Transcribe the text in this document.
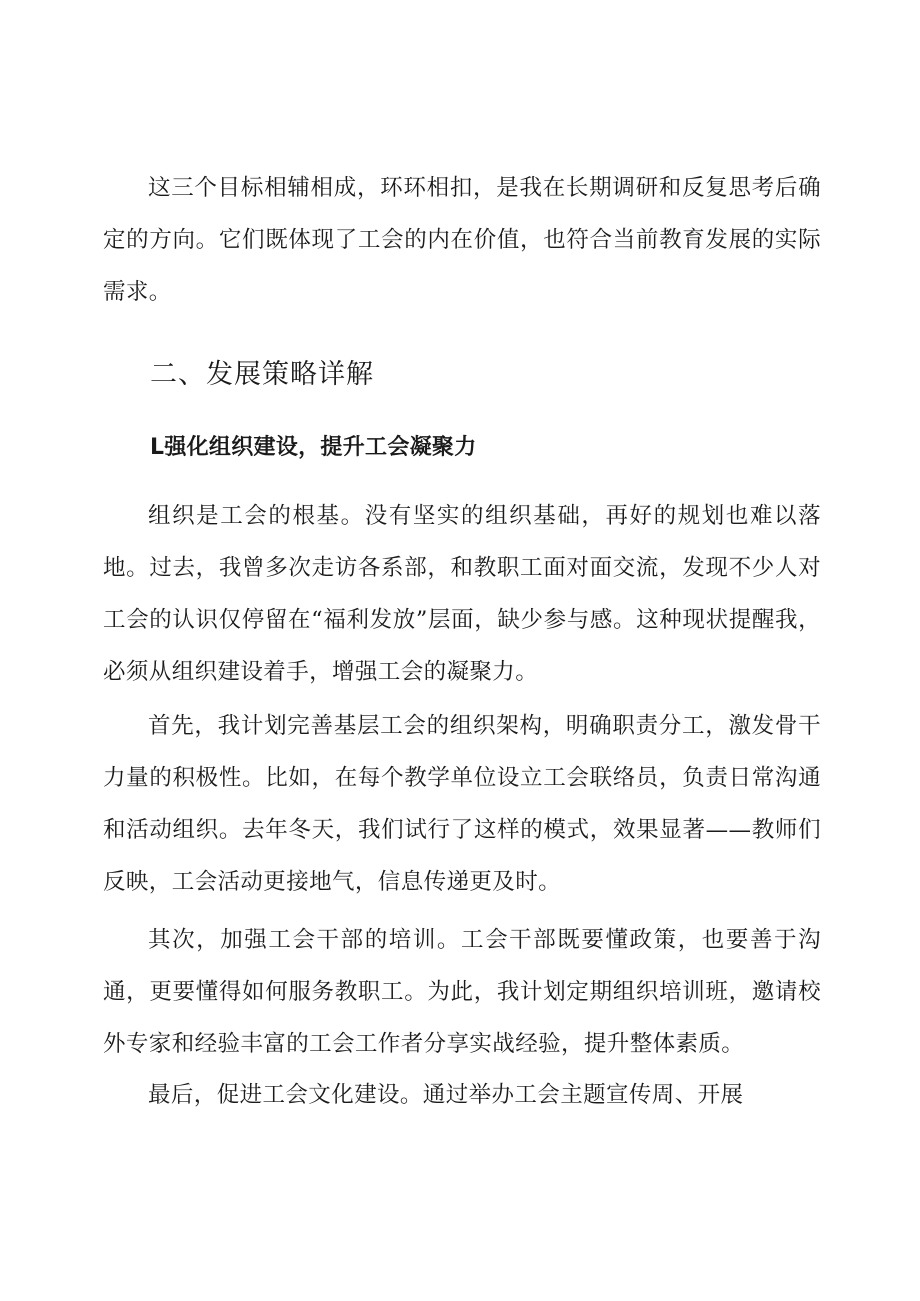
这三个目标相辅相成，环环相扣，是我在长期调研和反复思考后确定的方向。它们既体现了工会的内在价值，也符合当前教育发展的实际需求。

二、发展策略详解
L强化组织建设，提升工会凝聚力

组织是工会的根基。没有坚实的组织基础，再好的规划也难以落地。过去，我曾多次走访各系部，和教职工面对面交流，发现不少人对工会的认识仅停留在“福利发放”层面，缺少参与感。这种现状提醒我，必须从组织建设着手，增强工会的凝聚力。

首先，我计划完善基层工会的组织架构，明确职责分工，激发骨干力量的积极性。比如，在每个教学单位设立工会联络员，负责日常沟通和活动组织。去年冬天，我们试行了这样的模式，效果显著——教师们反映，工会活动更接地气，信息传递更及时。

其次，加强工会干部的培训。工会干部既要懂政策，也要善于沟通，更要懂得如何服务教职工。为此，我计划定期组织培训班，邀请校外专家和经验丰富的工会工作者分享实战经验，提升整体素质。

最后，促进工会文化建设。通过举办工会主题宣传周、开展
